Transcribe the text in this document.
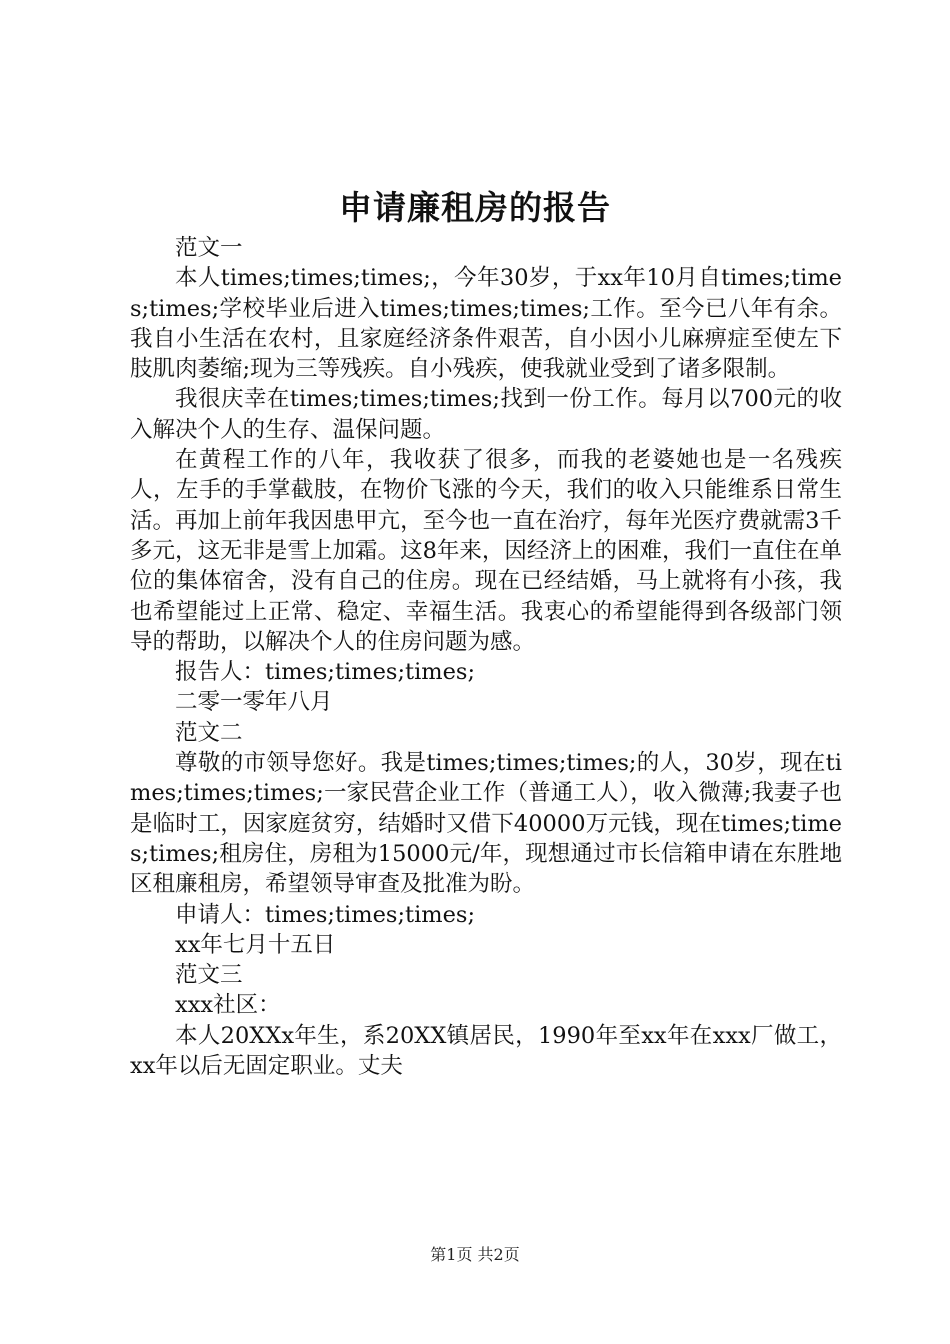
申请廉租房的报告

范文一

本人times;times;times;，今年30岁，于xx年10月自times;times;times;学校毕业后进入times;times;times;工作。至今已八年有余。我自小生活在农村，且家庭经济条件艰苦，自小因小儿麻痹症至使左下肢肌肉萎缩;现为三等残疾。自小残疾，使我就业受到了诸多限制。

我很庆幸在times;times;times;找到一份工作。每月以700元的收入解决个人的生存、温保问题。

在黄程工作的八年，我收获了很多，而我的老婆她也是一名残疾人，左手的手掌截肢，在物价飞涨的今天，我们的收入只能维系日常生活。再加上前年我因患甲亢，至今也一直在治疗，每年光医疗费就需3千多元，这无非是雪上加霜。这8年来，因经济上的困难，我们一直住在单位的集体宿舍，没有自己的住房。现在已经结婚，马上就将有小孩，我也希望能过上正常、稳定、幸福生活。我衷心的希望能得到各级部门领导的帮助，以解决个人的住房问题为感。

报告人：times;times;times;

二零一零年八月

范文二

尊敬的市领导您好。我是times;times;times;的人，30岁，现在times;times;times;一家民营企业工作（普通工人），收入微薄;我妻子也是临时工，因家庭贫穷，结婚时又借下40000万元钱，现在times;times;times;租房住，房租为15000元/年，现想通过市长信箱申请在东胜地区租廉租房，希望领导审查及批准为盼。

申请人：times;times;times;

xx年七月十五日

范文三

xxx社区：

本人20XXx年生，系20XX镇居民，1990年至xx年在xxx厂做工，xx年以后无固定职业。丈夫

第1页 共2页
